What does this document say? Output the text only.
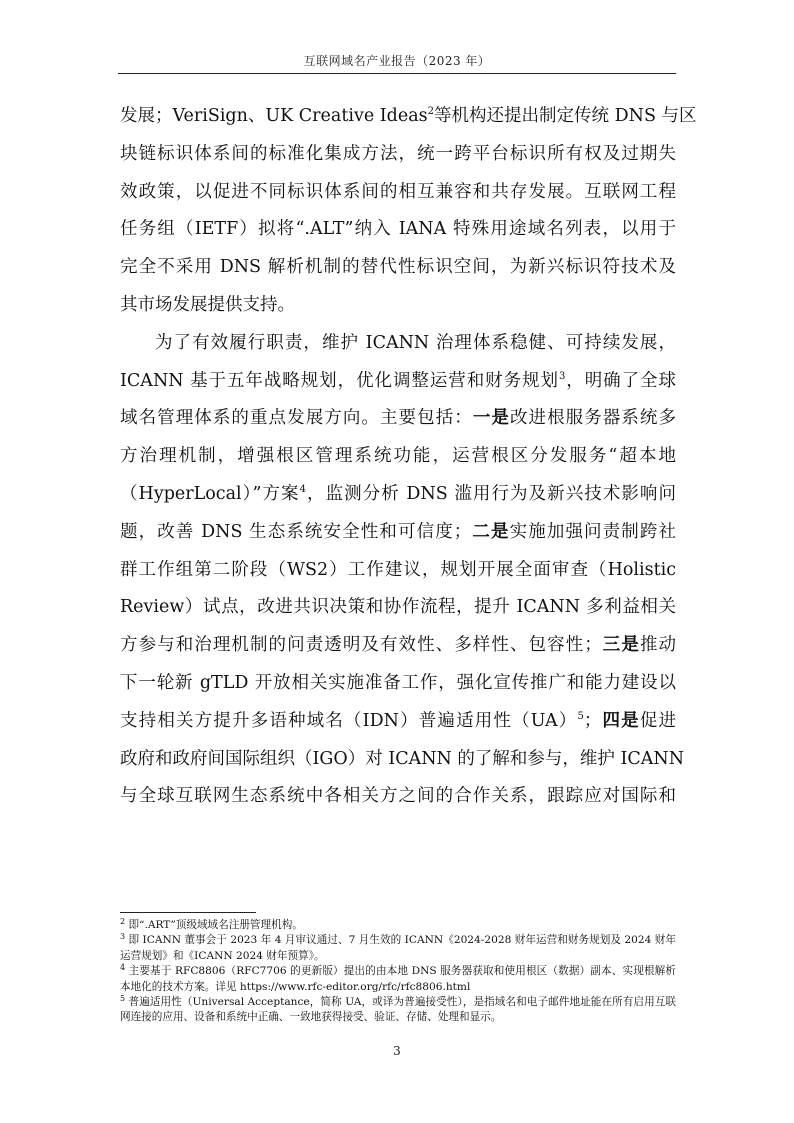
互联网域名产业报告（2023 年）

发展；VeriSign、UK Creative Ideas$^2$等机构还提出制定传统 DNS 与区
块链标识体系间的标准化集成方法，统一跨平台标识所有权及过期失
效政策，以促进不同标识体系间的相互兼容和共存发展。互联网工程
任务组（IETF）拟将“.ALT”纳入 IANA 特殊用途域名列表，以用于
完全不采用 DNS 解析机制的替代性标识空间，为新兴标识符技术及
其市场发展提供支持。

为了有效履行职责，维护 ICANN 治理体系稳健、可持续发展，
ICANN 基于五年战略规划，优化调整运营和财务规划$^3$，明确了全球
域名管理体系的重点发展方向。主要包括：一是改进根服务器系统多
方治理机制，增强根区管理系统功能，运营根区分发服务“超本地
（HyperLocal）”方案$^4$，监测分析 DNS 滥用行为及新兴技术影响问
题，改善 DNS 生态系统安全性和可信度；二是实施加强问责制跨社
群工作组第二阶段（WS2）工作建议，规划开展全面审查（Holistic
Review）试点，改进共识决策和协作流程，提升 ICANN 多利益相关
方参与和治理机制的问责透明及有效性、多样性、包容性；三是推动
下一轮新 gTLD 开放相关实施准备工作，强化宣传推广和能力建设以
支持相关方提升多语种域名（IDN）普遍适用性（UA）$^5$；四是促进
政府和政府间国际组织（IGO）对 ICANN 的了解和参与，维护 ICANN
与全球互联网生态系统中各相关方之间的合作关系，跟踪应对国际和

$^2$ 即“.ART”顶级域域名注册管理机构。

$^3$ 即 ICANN 董事会于 2023 年 4 月审议通过、7 月生效的 ICANN《2024-2028 财年运营和财务规划及 2024 财年运营规划》和《ICANN 2024 财年预算》。

$^4$ 主要基于 RFC8806（RFC7706 的更新版）提出的由本地 DNS 服务器获取和使用根区（数据）副本、实现根解析本地化的技术方案。详见 https://www.rfc-editor.org/rfc/rfc8806.html

$^5$ 普遍适用性（Universal Acceptance，简称 UA，或译为普遍接受性），是指域名和电子邮件地址能在所有启用互联网连接的应用、设备和系统中正确、一致地获得接受、验证、存储、处理和显示。

3
